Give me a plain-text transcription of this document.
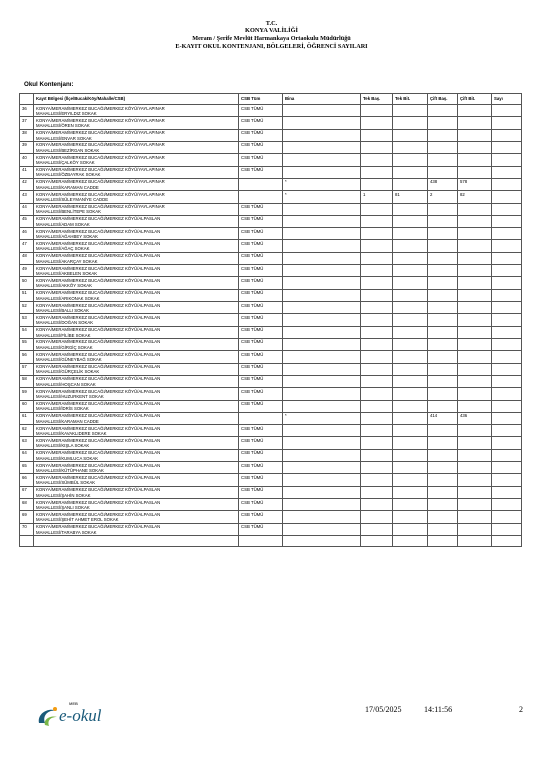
T.C.
KONYA VALİLİĞİ
Meram / Şerife Mevlüt Harmankaya Ortaokulu Müdürlüğü
E-KAYIT OKUL KONTENJANI, BÖLGELERİ, ÖĞRENCİ SAYILARI
Okul Kontenjanı:
	Kayıt Bölgesi (İlçe/Bucak/Köy/Mahalle/CSB)	CSB Tüm	Bina	Tek Baş.	Tek Bit.	Çift Baş.	Çift Bit.	Sayı
36	KONYA/MERAM/MERKEZ BUCAĞI/MERKEZ KÖYÜ/YAYLAPINAR
MAHALLESİ/ERYILDIZ SOKAK	CSB TÜMÜ						
37	KONYA/MERAM/MERKEZ BUCAĞI/MERKEZ KÖYÜ/YAYLAPINAR
MAHALLESİ/ÖREN SOKAK	CSB TÜMÜ						
38	KONYA/MERAM/MERKEZ BUCAĞI/MERKEZ KÖYÜ/YAYLAPINAR
MAHALLESİ/ENVAR SOKAK	CSB TÜMÜ						
39	KONYA/MERAM/MERKEZ BUCAĞI/MERKEZ KÖYÜ/YAYLAPINAR
MAHALLESİ/BEZİRGAN SOKAK	CSB TÜMÜ						
40	KONYA/MERAM/MERKEZ BUCAĞI/MERKEZ KÖYÜ/YAYLAPINAR
MAHALLESİ/ÇALKÖY SOKAK	CSB TÜMÜ						
41	KONYA/MERAM/MERKEZ BUCAĞI/MERKEZ KÖYÜ/YAYLAPINAR
MAHALLESİ/ÖZBAYRAK SOKAK	CSB TÜMÜ						
42	KONYA/MERAM/MERKEZ BUCAĞI/MERKEZ KÖYÜ/YAYLAPINAR
MAHALLESİ/KARAMAN CADDE		*			438	578	
43	KONYA/MERAM/MERKEZ BUCAĞI/MERKEZ KÖYÜ/YAYLAPINAR
MAHALLESİ/SÜLEYMANİYE CADDE		*	1	81	2	82	
44	KONYA/MERAM/MERKEZ BUCAĞI/MERKEZ KÖYÜ/YAYLAPINAR
MAHALLESİ/BENLİTEPE SOKAK	CSB TÜMÜ						
45	KONYA/MERAM/MERKEZ BUCAĞI/MERKEZ KÖYÜ/ALPASLAN
MAHALLESİ/ADAM SOKAK	CSB TÜMÜ						
46	KONYA/MERAM/MERKEZ BUCAĞI/MERKEZ KÖYÜ/ALPASLAN
MAHALLESİ/AĞAHBEY SOKAK	CSB TÜMÜ						
47	KONYA/MERAM/MERKEZ BUCAĞI/MERKEZ KÖYÜ/ALPASLAN
MAHALLESİ/AĞAÇ SOKAK	CSB TÜMÜ						
48	KONYA/MERAM/MERKEZ BUCAĞI/MERKEZ KÖYÜ/ALPASLAN
MAHALLESİ/AKARÇAY SOKAK	CSB TÜMÜ						
49	KONYA/MERAM/MERKEZ BUCAĞI/MERKEZ KÖYÜ/ALPASLAN
MAHALLESİ/AKBELEN SOKAK	CSB TÜMÜ						
50	KONYA/MERAM/MERKEZ BUCAĞI/MERKEZ KÖYÜ/ALPASLAN
MAHALLESİ/AKKÖY SOKAK	CSB TÜMÜ						
51	KONYA/MERAM/MERKEZ BUCAĞI/MERKEZ KÖYÜ/ALPASLAN
MAHALLESİ/ARIKONAK SOKAK	CSB TÜMÜ						
52	KONYA/MERAM/MERKEZ BUCAĞI/MERKEZ KÖYÜ/ALPASLAN
MAHALLESİ/BALLI SOKAK	CSB TÜMÜ						
53	KONYA/MERAM/MERKEZ BUCAĞI/MERKEZ KÖYÜ/ALPASLAN
MAHALLESİ/DOĞAN SOKAK	CSB TÜMÜ						
54	KONYA/MERAM/MERKEZ BUCAĞI/MERKEZ KÖYÜ/ALPASLAN
MAHALLESİ/FİLİBE SOKAK	CSB TÜMÜ						
55	KONYA/MERAM/MERKEZ BUCAĞI/MERKEZ KÖYÜ/ALPASLAN
MAHALLESİ/GİRGİÇ SOKAK	CSB TÜMÜ						
56	KONYA/MERAM/MERKEZ BUCAĞI/MERKEZ KÖYÜ/ALPASLAN
MAHALLESİ/GÜNEYBAĞ SOKAK	CSB TÜMÜ						
57	KONYA/MERAM/MERKEZ BUCAĞI/MERKEZ KÖYÜ/ALPASLAN
MAHALLESİ/GÜRÇELİK SOKAK	CSB TÜMÜ						
58	KONYA/MERAM/MERKEZ BUCAĞI/MERKEZ KÖYÜ/ALPASLAN
MAHALLESİ/HOŞCAN SOKAK	CSB TÜMÜ						
59	KONYA/MERAM/MERKEZ BUCAĞI/MERKEZ KÖYÜ/ALPASLAN
MAHALLESİ/HUZURKENT SOKAK	CSB TÜMÜ						
60	KONYA/MERAM/MERKEZ BUCAĞI/MERKEZ KÖYÜ/ALPASLAN
MAHALLESİ/İDRİS SOKAK	CSB TÜMÜ						
61	KONYA/MERAM/MERKEZ BUCAĞI/MERKEZ KÖYÜ/ALPASLAN
MAHALLESİ/KARAMAN CADDE		*			414	436	
62	KONYA/MERAM/MERKEZ BUCAĞI/MERKEZ KÖYÜ/ALPASLAN
MAHALLESİ/KAVAKLIDERE SOKAK	CSB TÜMÜ						
63	KONYA/MERAM/MERKEZ BUCAĞI/MERKEZ KÖYÜ/ALPASLAN
MAHALLESİ/KIŞLA SOKAK	CSB TÜMÜ						
64	KONYA/MERAM/MERKEZ BUCAĞI/MERKEZ KÖYÜ/ALPASLAN
MAHALLESİ/KUMLUCA SOKAK	CSB TÜMÜ						
65	KONYA/MERAM/MERKEZ BUCAĞI/MERKEZ KÖYÜ/ALPASLAN
MAHALLESİ/KÜTÜPHANE SOKAK	CSB TÜMÜ						
66	KONYA/MERAM/MERKEZ BUCAĞI/MERKEZ KÖYÜ/ALPASLAN
MAHALLESİ/SÜMBÜL SOKAK	CSB TÜMÜ						
67	KONYA/MERAM/MERKEZ BUCAĞI/MERKEZ KÖYÜ/ALPASLAN
MAHALLESİ/ŞAHİN SOKAK	CSB TÜMÜ						
68	KONYA/MERAM/MERKEZ BUCAĞI/MERKEZ KÖYÜ/ALPASLAN
MAHALLESİ/ŞANLI SOKAK	CSB TÜMÜ						
69	KONYA/MERAM/MERKEZ BUCAĞI/MERKEZ KÖYÜ/ALPASLAN
MAHALLESİ/ŞEHİT AHMET EROL SOKAK	CSB TÜMÜ						
70	KONYA/MERAM/MERKEZ BUCAĞI/MERKEZ KÖYÜ/ALPASLAN
MAHALLESİ/TARABYA SOKAK	CSB TÜMÜ						

MEB
e-okul	17/05/2025	14:11:56	2
